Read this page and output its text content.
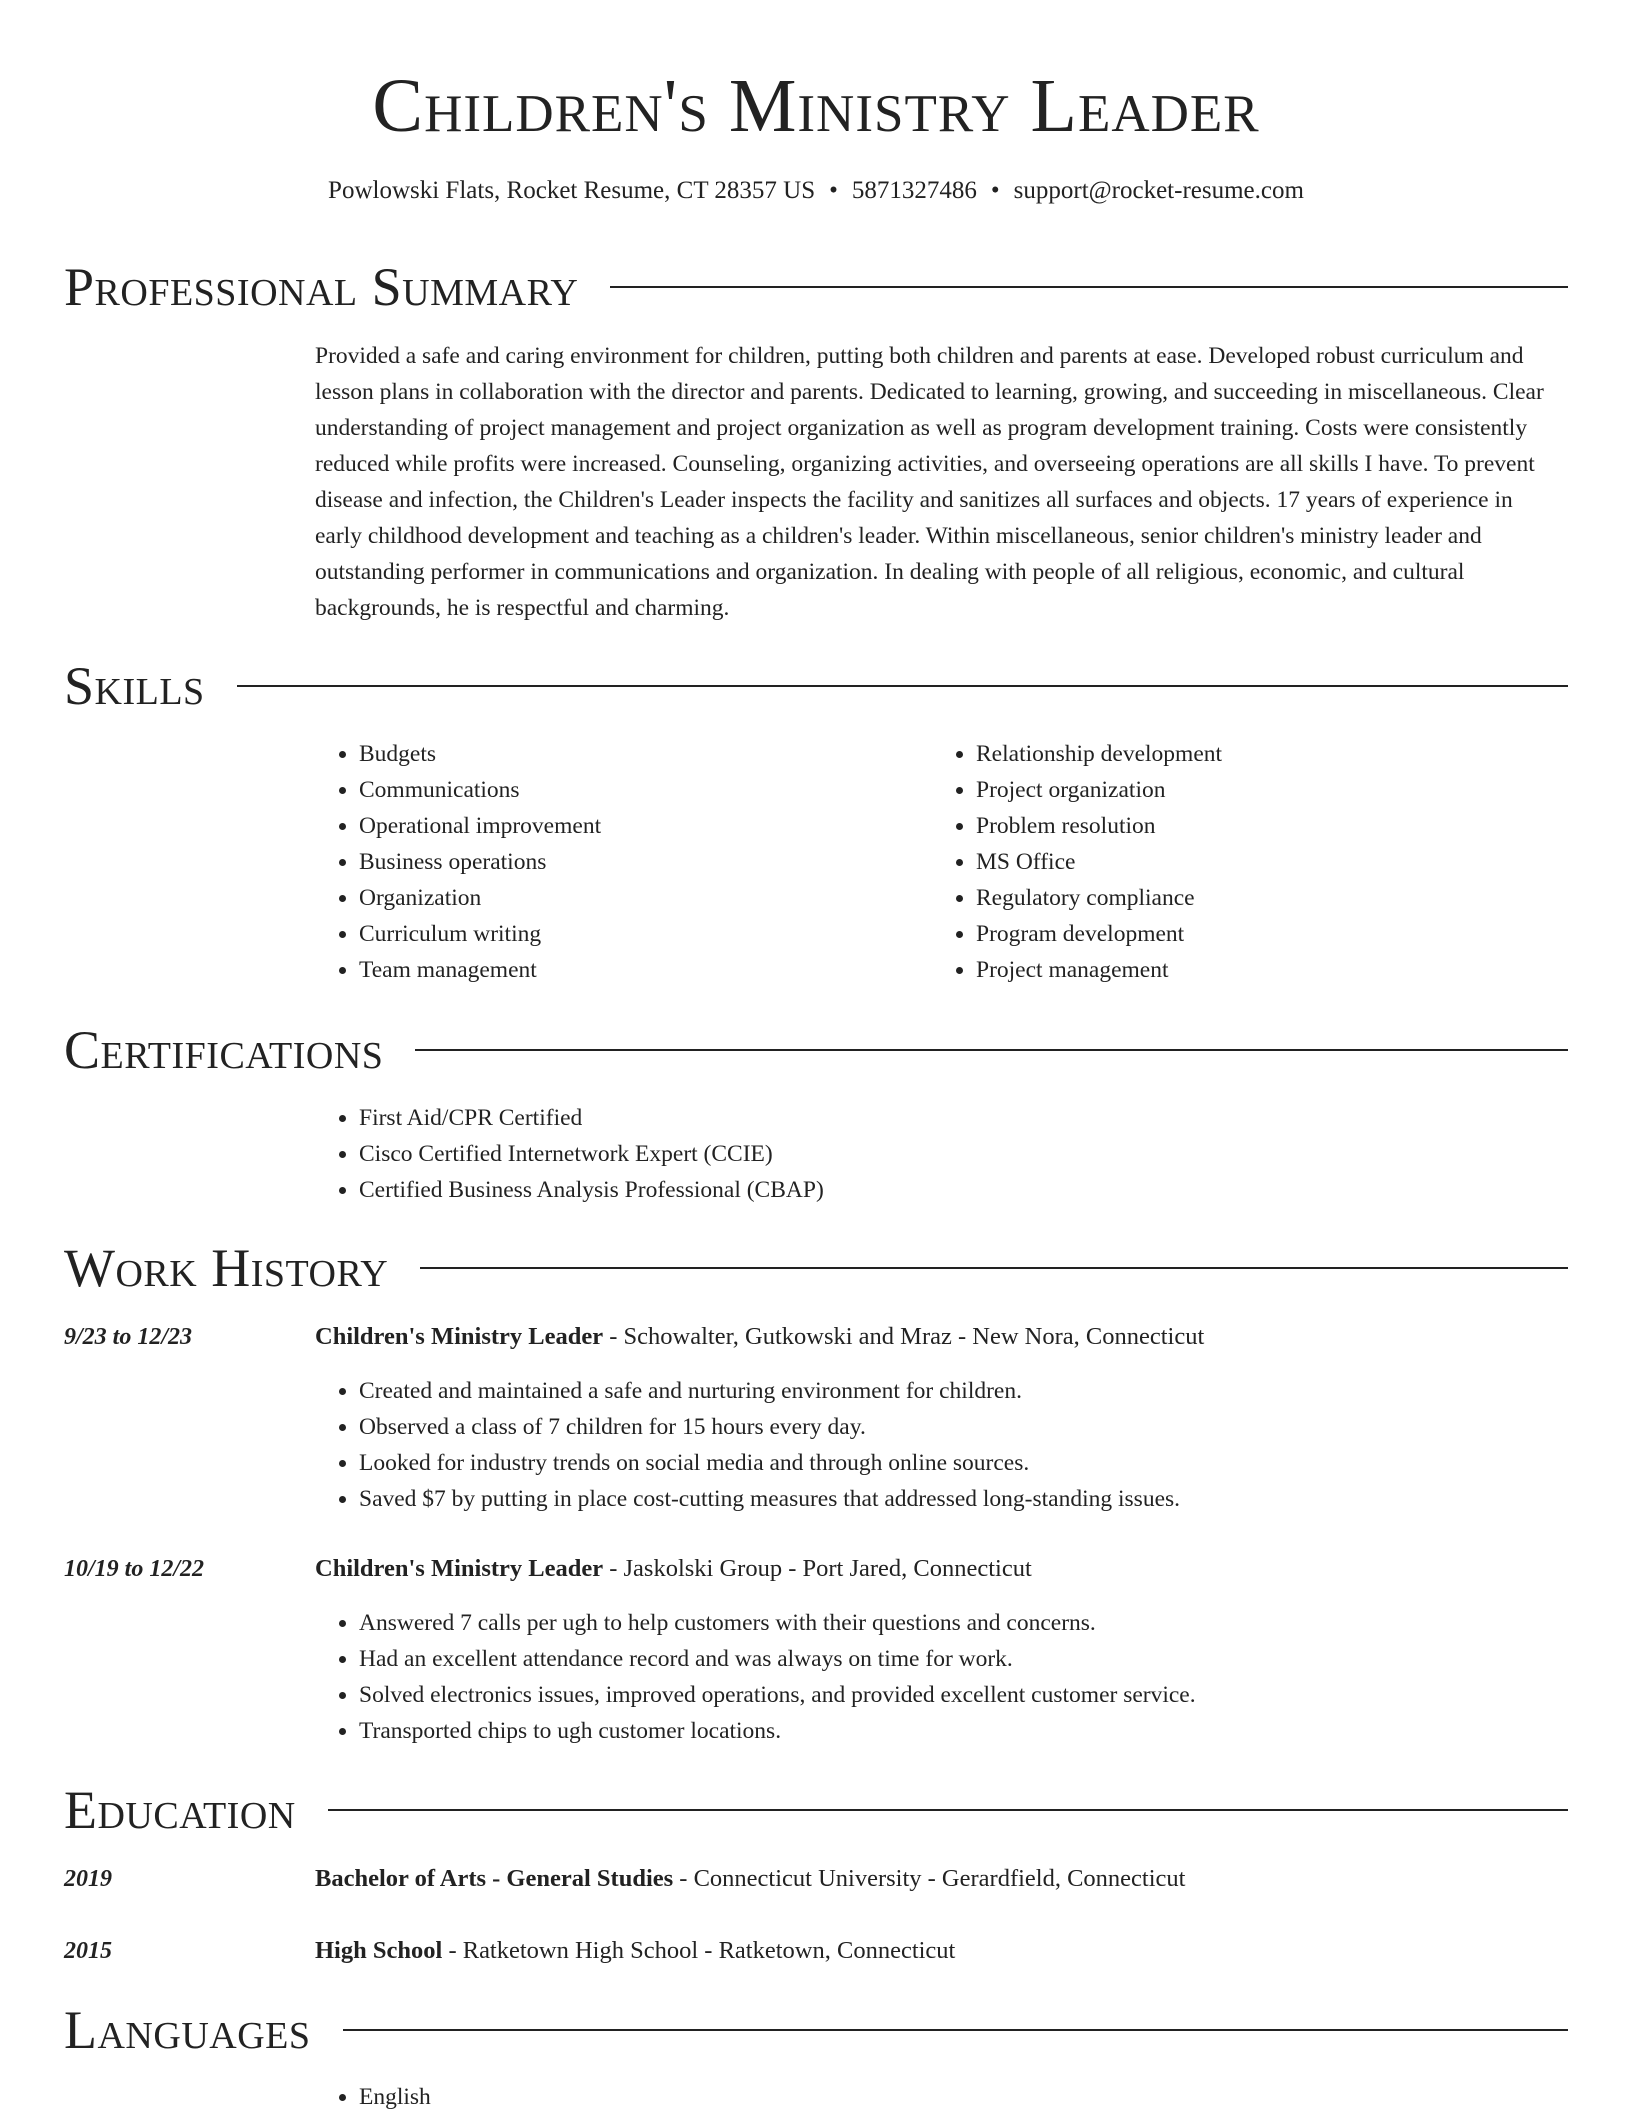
Children's Ministry Leader
Powlowski Flats, Rocket Resume, CT 28357 US • 5871327486 • support@rocket-resume.com
Professional Summary
Provided a safe and caring environment for children, putting both children and parents at ease. Developed robust curriculum and lesson plans in collaboration with the director and parents. Dedicated to learning, growing, and succeeding in miscellaneous. Clear understanding of project management and project organization as well as program development training. Costs were consistently reduced while profits were increased. Counseling, organizing activities, and overseeing operations are all skills I have. To prevent disease and infection, the Children's Leader inspects the facility and sanitizes all surfaces and objects. 17 years of experience in early childhood development and teaching as a children's leader. Within miscellaneous, senior children's ministry leader and outstanding performer in communications and organization. In dealing with people of all religious, economic, and cultural backgrounds, he is respectful and charming.
Skills
• Budgets
• Communications
• Operational improvement
• Business operations
• Organization
• Curriculum writing
• Team management
• Relationship development
• Project organization
• Problem resolution
• MS Office
• Regulatory compliance
• Program development
• Project management
Certifications
• First Aid/CPR Certified
• Cisco Certified Internetwork Expert (CCIE)
• Certified Business Analysis Professional (CBAP)
Work History
9/23 to 12/23	Children's Ministry Leader - Schowalter, Gutkowski and Mraz - New Nora, Connecticut
• Created and maintained a safe and nurturing environment for children.
• Observed a class of 7 children for 15 hours every day.
• Looked for industry trends on social media and through online sources.
• Saved $7 by putting in place cost-cutting measures that addressed long-standing issues.
10/19 to 12/22	Children's Ministry Leader - Jaskolski Group - Port Jared, Connecticut
• Answered 7 calls per ugh to help customers with their questions and concerns.
• Had an excellent attendance record and was always on time for work.
• Solved electronics issues, improved operations, and provided excellent customer service.
• Transported chips to ugh customer locations.
Education
2019	Bachelor of Arts - General Studies - Connecticut University - Gerardfield, Connecticut
2015	High School - Ratketown High School - Ratketown, Connecticut
Languages
• English
